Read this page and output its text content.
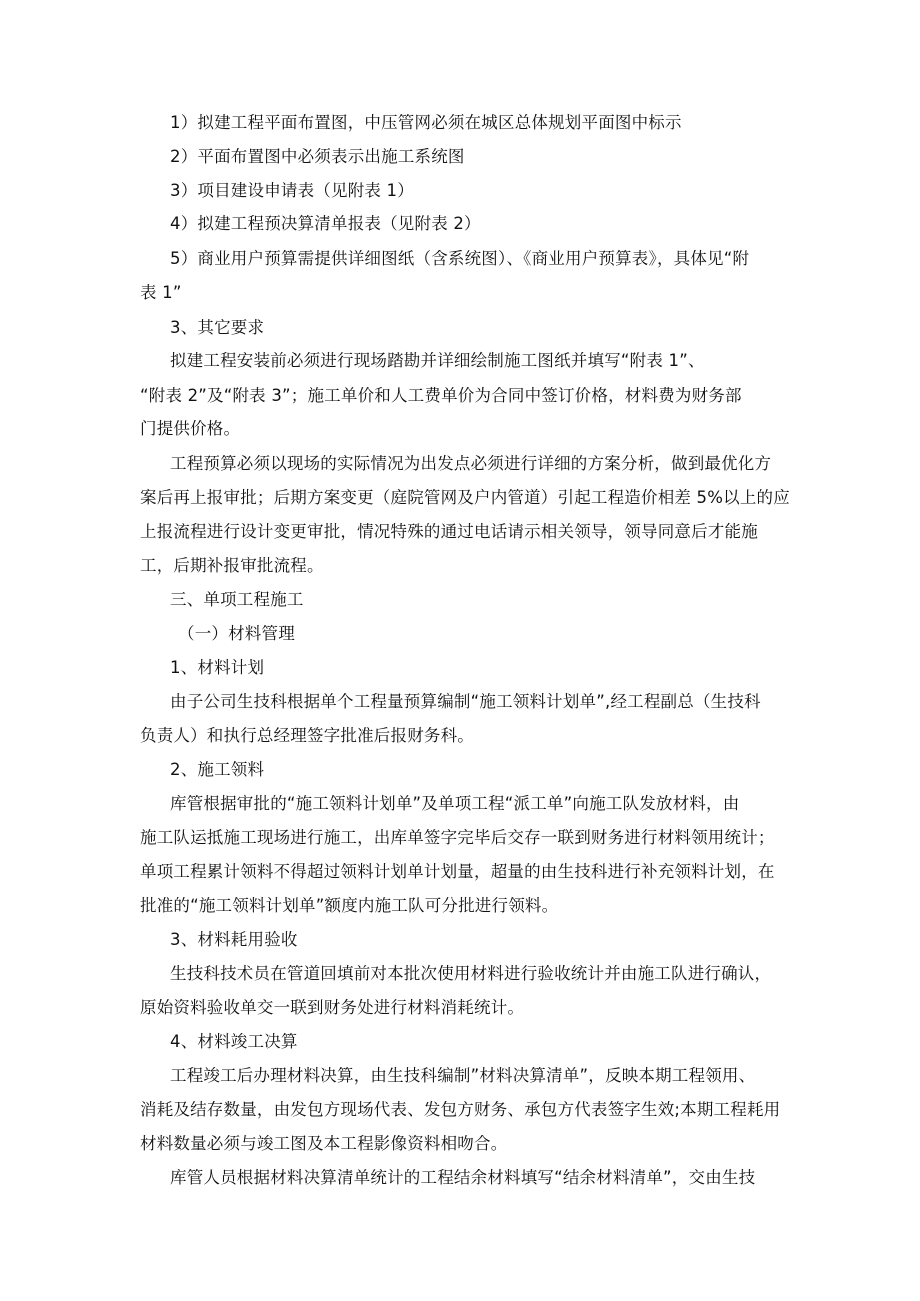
1）拟建工程平面布置图，中压管网必须在城区总体规划平面图中标示
2）平面布置图中必须表示出施工系统图
3）项目建设申请表（见附表 1）
4）拟建工程预决算清单报表（见附表 2）
5）商业用户预算需提供详细图纸（含系统图）、《商业用户预算表》，具体见“附
表 1”
3、其它要求
拟建工程安装前必须进行现场踏勘并详细绘制施工图纸并填写“附表 1”、
“附表 2”及“附表 3”；施工单价和人工费单价为合同中签订价格，材料费为财务部
门提供价格。
工程预算必须以现场的实际情况为出发点必须进行详细的方案分析，做到最优化方
案后再上报审批；后期方案变更（庭院管网及户内管道）引起工程造价相差 5%以上的应
上报流程进行设计变更审批，情况特殊的通过电话请示相关领导，领导同意后才能施
工，后期补报审批流程。
三、单项工程施工
（一）材料管理
1、材料计划
由子公司生技科根据单个工程量预算编制“施工领料计划单”,经工程副总（生技科
负责人）和执行总经理签字批准后报财务科。
2、施工领料
库管根据审批的“施工领料计划单”及单项工程“派工单”向施工队发放材料，由
施工队运抵施工现场进行施工，出库单签字完毕后交存一联到财务进行材料领用统计；
单项工程累计领料不得超过领料计划单计划量，超量的由生技科进行补充领料计划，在
批准的“施工领料计划单”额度内施工队可分批进行领料。
3、材料耗用验收
生技科技术员在管道回填前对本批次使用材料进行验收统计并由施工队进行确认，
原始资料验收单交一联到财务处进行材料消耗统计。
4、材料竣工决算
工程竣工后办理材料决算，由生技科编制”材料决算清单”，反映本期工程领用、
消耗及结存数量，由发包方现场代表、发包方财务、承包方代表签字生效;本期工程耗用
材料数量必须与竣工图及本工程影像资料相吻合。
库管人员根据材料决算清单统计的工程结余材料填写“结余材料清单”，交由生技
